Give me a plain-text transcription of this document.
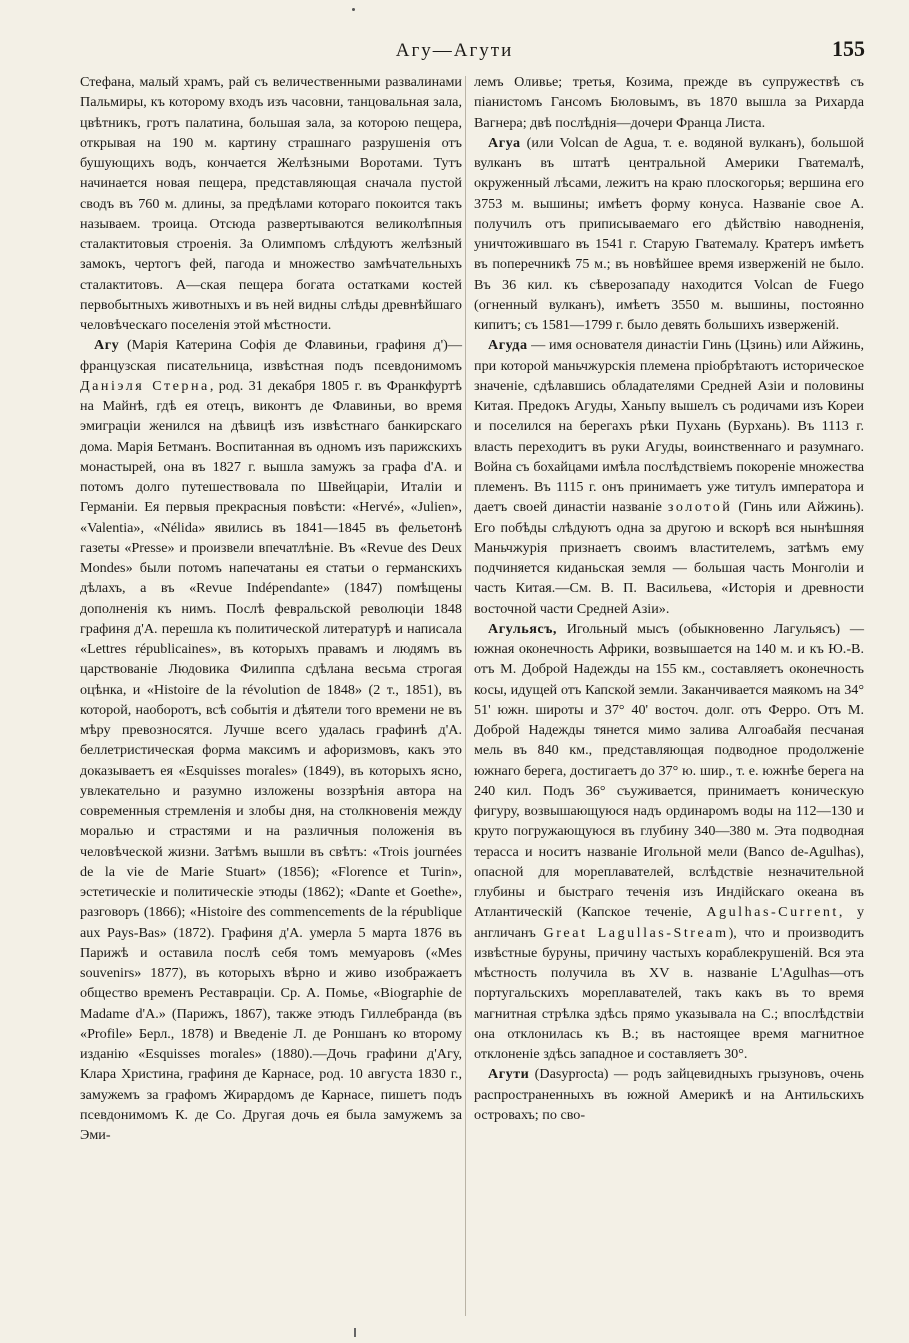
Агу—Агути	155

Стефана, малый храмъ, рай съ величественными развалинами Пальмиры, къ которому входъ изъ часовни, танцовальная зала, цвѣтникъ, гротъ палатина, большая зала, за которою пещера, открывая на 190 м. картину страшнаго разрушенія отъ бушующихъ водъ, кончается Желѣзными Воротами. Тутъ начинается новая пещера, представляющая сначала пустой сводъ въ 760 м. длины, за предѣлами котораго покоится такъ называем. троица. Отсюда развертываются великолѣпныя сталактитовыя строенія. За Олимпомъ слѣдуютъ желѣзный замокъ, чертогъ фей, пагода и множество замѣчательныхъ сталактитовъ. А—ская пещера богата остатками костей первобытныхъ животныхъ и въ ней видны слѣды древнѣйшаго человѣческаго поселенія этой мѣстности.

Агу (Марія Катерина Софія де Флавиньи, графиня д')—французская писательница, извѣстная подъ псевдонимомъ Даніэля Стерна, род. 31 декабря 1805 г. въ Франкфуртѣ на Майнѣ, гдѣ ея отецъ, виконтъ де Флавиньи, во время эмиграціи женился на дѣвицѣ изъ извѣстнаго банкирскаго дома. Марія Бетманъ. Воспитанная въ одномъ изъ парижскихъ монастырей, она въ 1827 г. вышла замужъ за графа d'A. и потомъ долго путешествовала по Швейцаріи, Италіи и Германіи. Ея первыя прекрасныя повѣсти: «Hervé», «Julien», «Valentia», «Nélida» явились въ 1841—1845 въ фельетонѣ газеты «Presse» и произвели впечатлѣніе. Въ «Revue des Deux Mondes» были потомъ напечатаны ея статьи о германскихъ дѣлахъ, а въ «Revue Indépendante» (1847) помѣщены дополненія къ нимъ. Послѣ февральской революціи 1848 графиня д'А. перешла къ политической литературѣ и написала «Lettres républicaines», въ которыхъ правамъ и людямъ въ царствованіе Людовика Филиппа сдѣлана весьма строгая оцѣнка, и «Histoire de la révolution de 1848» (2 т., 1851), въ которой, наоборотъ, всѣ событія и дѣятели того времени не въ мѣру превозносятся. Лучше всего удалась графинѣ д'А. беллетристическая форма максимъ и афоризмовъ, какъ это доказываетъ ея «Esquisses morales» (1849), въ которыхъ ясно, увлекательно и разумно изложены воззрѣнія автора на современныя стремленія и злобы дня, на столкновенія между моралью и страстями и на различныя положенія въ человѣческой жизни. Затѣмъ вышли въ свѣтъ: «Trois journées de la vie de Marie Stuart» (1856); «Florence et Turin», эстетическіе и политическіе этюды (1862); «Dante et Goethe», разговоръ (1866); «Histoire des commencements de la république aux Pays-Bas» (1872). Графиня д'А. умерла 5 марта 1876 въ Парижѣ и оставила послѣ себя томъ мемуаровъ («Mes souvenirs» 1877), въ которыхъ вѣрно и живо изображаетъ общество временъ Реставраціи. Ср. А. Помье, «Biographie de Madame d'A.» (Парижъ, 1867), также этюдъ Гиллебранда (въ «Profile» Берл., 1878) и Введеніе Л. де Роншанъ ко второму изданію «Esquisses morales» (1880).—Дочь графини д'Агу, Клара Христина, графиня де Карнасе, род. 10 августа 1830 г., замужемъ за графомъ Жирардомъ де Карнасе, пишетъ подъ псевдонимомъ К. де Со. Другая дочь ея была замужемъ за Эми-

лемъ Оливье; третья, Козима, прежде въ супружествѣ съ піанистомъ Гансомъ Бюловымъ, въ 1870 вышла за Рихарда Вагнера; двѣ послѣднія—дочери Франца Листа.

Агуа (или Volcan de Agua, т. е. водяной вулканъ), большой вулканъ въ штатѣ центральной Америки Гватемалѣ, окруженный лѣсами, лежитъ на краю плоскогорья; вершина его 3753 м. вышины; имѣетъ форму конуса. Названіе свое А. получилъ отъ приписываемаго его дѣйствію наводненія, уничтожившаго въ 1541 г. Старую Гватемалу. Кратеръ имѣетъ въ поперечникѣ 75 м.; въ новѣйшее время изверженій не было. Въ 36 кил. къ сѣверозападу находится Volcan de Fuego (огненный вулканъ), имѣетъ 3550 м. вышины, постоянно кипитъ; съ 1581—1799 г. было девять большихъ изверженій.

Агуда — имя основателя династіи Гинь (Цзинь) или Айжинь, при которой маньчжурскія племена пріобрѣтаютъ историческое значеніе, сдѣлавшись обладателями Средней Азіи и половины Китая. Предокъ Агуды, Ханьпу вышелъ съ родичами изъ Кореи и поселился на берегахъ рѣки Пухань (Бурхань). Въ 1113 г. власть переходитъ въ руки Агуды, воинственнаго и разумнаго. Война съ бохайцами имѣла послѣдствіемъ покореніе множества племенъ. Въ 1115 г. онъ принимаетъ уже титулъ императора и даетъ своей династіи названіе золотой (Гинь или Айжинь). Его побѣды слѣдуютъ одна за другою и вскорѣ вся нынѣшняя Маньчжурія признаетъ своимъ властителемъ, затѣмъ ему подчиняется киданьская земля — большая часть Монголіи и часть Китая.—См. В. П. Васильева, «Исторія и древности восточной части Средней Азіи».

Агульясъ, Игольный мысъ (обыкновенно Лагульясъ) — южная оконечность Африки, возвышается на 140 м. и къ Ю.-В. отъ М. Доброй Надежды на 155 км., составляетъ оконечность косы, идущей отъ Капской земли. Заканчивается маякомъ на 34° 51' южн. широты и 37° 40' восточ. долг. отъ Ферро. Отъ М. Доброй Надежды тянется мимо залива Алгоабайя песчаная мель въ 840 км., представляющая подводное продолженіе южнаго берега, достигаетъ до 37° ю. шир., т. е. южнѣе берега на 240 кил. Подъ 36° съуживается, принимаетъ коническую фигуру, возвышающуюся надъ ординаромъ воды на 112—130 и круто погружающуюся въ глубину 340—380 м. Эта подводная терасса и носитъ названіе Игольной мели (Banco de-Agulhas), опасной для мореплавателей, вслѣдствіе незначительной глубины и быстраго теченія изъ Индійскаго океана въ Атлантическій (Капское теченіе, Agulhas-Current, у англичанъ Great Lagullas-Stream), что и производитъ извѣстные буруны, причину частыхъ кораблекрушеній. Вся эта мѣстность получила въ XV в. названіе L'Agulhas—отъ португальскихъ мореплавателей, такъ какъ въ то время магнитная стрѣлка здѣсь прямо указывала на С.; впослѣдствіи она отклонилась къ В.; въ настоящее время магнитное отклоненіе здѣсь западное и составляетъ 30°.

Агути (Dasyprocta) — родъ зайцевидныхъ грызуновъ, очень распространенныхъ въ южной Америкѣ и на Антильскихъ островахъ; по сво-
